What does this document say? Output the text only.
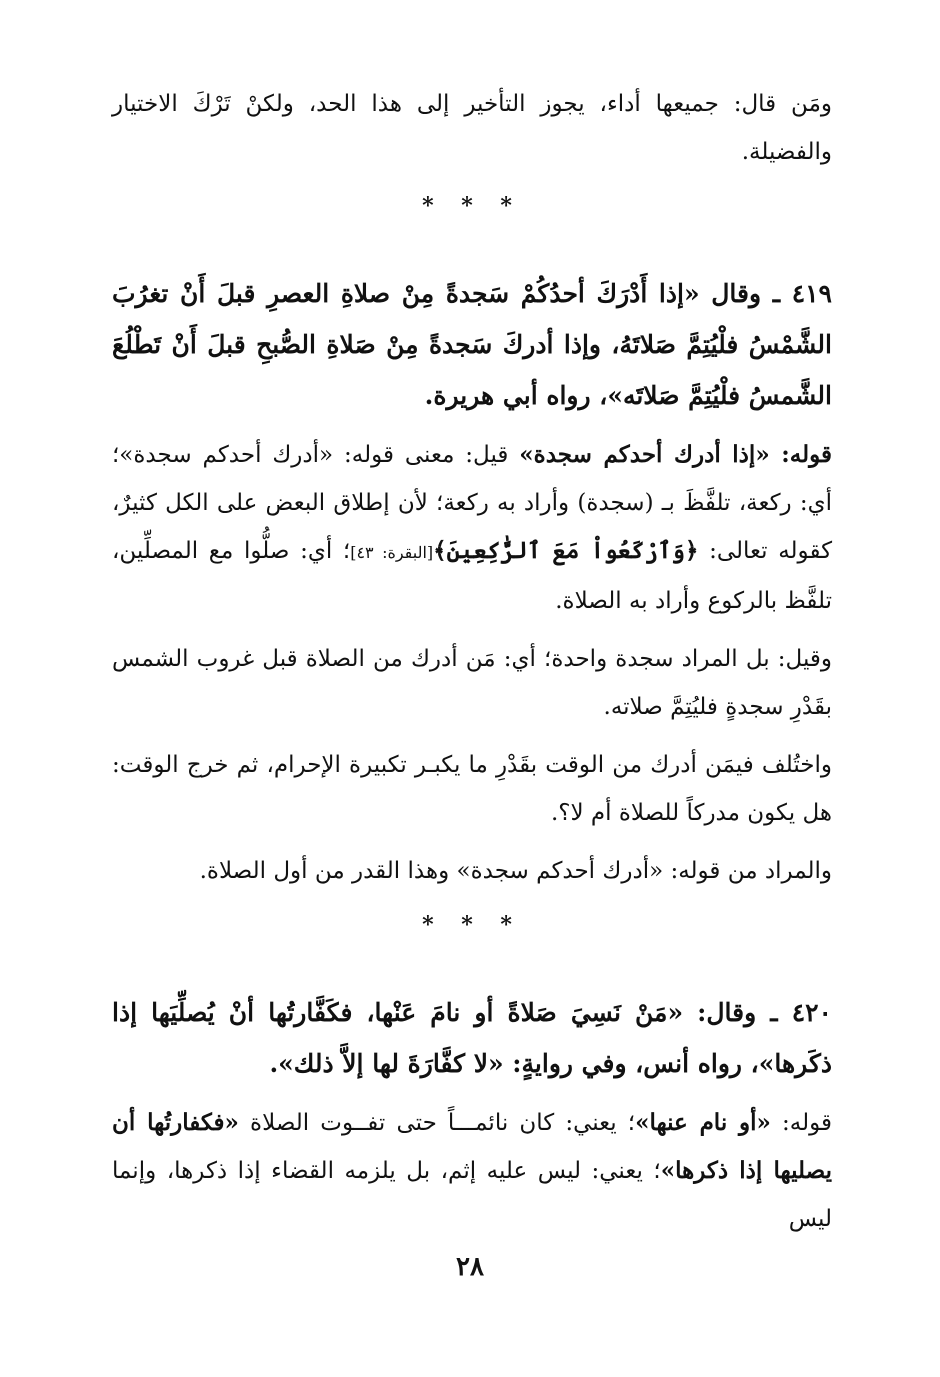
ومَن قال: جميعها أداء، يجوز التأخير إلى هذا الحد، ولكنْ تَرْكَ الاختيار والفضيلة.

* * *

٤١٩ ـ وقال «إذا أَدْرَكَ أحدُكُمْ سَجدةً مِنْ صلاةِ العصرِ قبلَ أَنْ تغرُبَ الشَّمْسُ فلْيُتِمَّ صَلاتَهُ، وإذا أدركَ سَجدةً مِنْ صَلاةِ الصُّبحِ قبلَ أَنْ تَطْلُعَ الشَّمسُ فلْيُتِمَّ صَلاتَه»، رواه أبي هريرة.

قوله: «إذا أدرك أحدكم سجدة» قيل: معنى قوله: «أدرك أحدكم سجدة»؛ أي: ركعة، تلفَّظَ بـ (سجدة) وأراد به ركعة؛ لأن إطلاق البعض على الكل كثيرٌ، كقوله تعالى: ﴿وَٱرْكَعُواْ مَعَ ٱلرَّٰكِعِينَ﴾[البقرة: ٤٣]؛ أي: صلُّوا مع المصلِّين، تلفَّظ بالركوع وأراد به الصلاة.

وقيل: بل المراد سجدة واحدة؛ أي: مَن أدرك من الصلاة قبل غروب الشمس بقَدْرِ سجدةٍ فليُتِمَّ صلاته.

واختُلف فيمَن أدرك من الوقت بقَدْرِ ما يكبـر تكبيرة الإحرام، ثم خرج الوقت: هل يكون مدركاً للصلاة أم لا؟.

والمراد من قوله: «أدرك أحدكم سجدة» وهذا القدر من أول الصلاة.

* * *

٤٢٠ ـ وقال: «مَنْ نَسِيَ صَلاةً أو نامَ عَنْها، فكَفَّارتُها أنْ يُصلِّيَها إذا ذكَرها»، رواه أنس، وفي روايةٍ: «لا كفَّارَةَ لها إلاَّ ذلك».

قوله: «أو نام عنها»؛ يعني: كان نائمـــاً حتى تفــوت الصلاة «فكفارتُها أن يصليها إذا ذكرها»؛ يعني: ليس عليه إثم، بل يلزمه القضاء إذا ذكرها، وإنما ليس

٢٨
